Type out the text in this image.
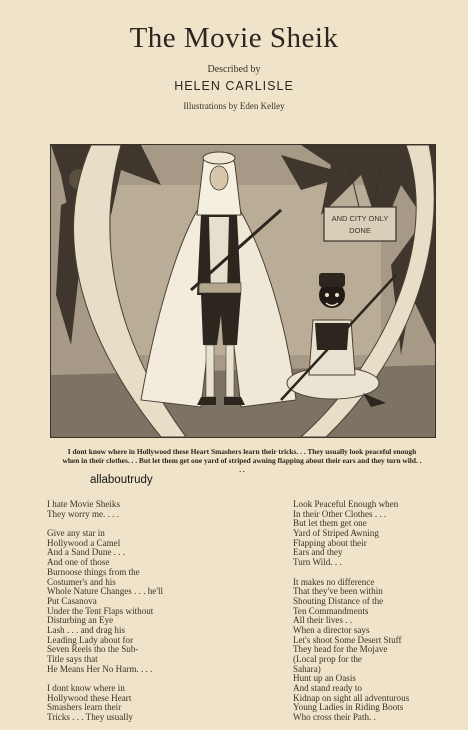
The Movie Sheik
Described by
HELEN CARLISLE
Illustrations by Eden Kelley
AND CITY ONLY
DONE
I dont know where in Hollywood these Heart Smashers learn their tricks. . . They usually look peaceful enough when in their clothes. . . But let them get one yard of striped awning flapping about their ears and they turn wild. . . .
allaboutrudy
I hate Movie Sheiks
They worry me. . . .
Give any star in
Hollywood a Camel
And a Sand Dune . . .
And one of those
Burnoose things from the
Costumer's and his
Whole Nature Changes . . . he'll
Put Casanova
Under the Tent Flaps without
Disturbing an Eye
Lash . . . and drag his
Leading Lady about for
Seven Reels tho the Sub-
Title says that
He Means Her No Harm. . . .
I dont know where in
Hollywood these Heart
Smashers learn their
Tricks . . . They usually
Look Peaceful Enough when
In their Other Clothes . . .
But let them get one
Yard of Striped Awning
Flapping about their
Ears and they
Turn Wild. . .
It makes no difference
That they've been within
Shouting Distance of the
Ten Commandments
All their lives . .
When a director says
Let's shoot Some Desert Stuff
They head for the Mojave
(Local prop for the
Sahara)
Hunt up an Oasis
And stand ready to
Kidnap on sight all adventurous
Young Ladies in Riding Boots
Who cross their Path. .
